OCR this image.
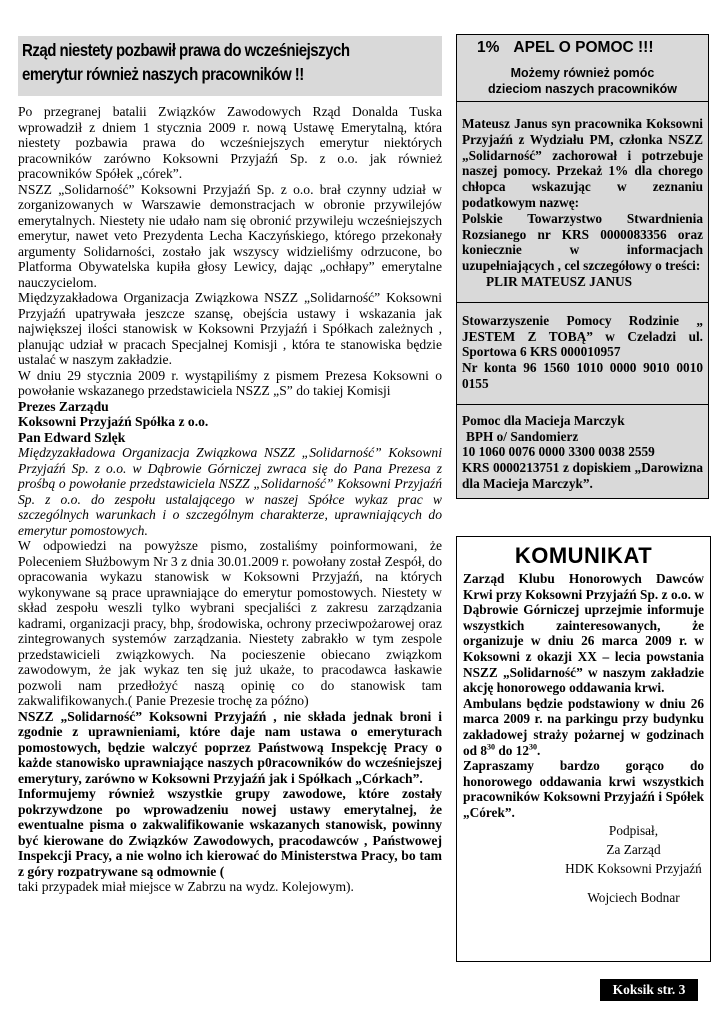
Rząd niestety pozbawił prawa do wcześniejszych
emerytur również naszych pracowników !!

Po przegranej batalii Związków Zawodowych Rząd Donalda Tuska wprowadził z dniem 1 stycznia 2009 r. nową Ustawę Emerytalną, która niestety pozbawia prawa do wcześniejszych emerytur niektórych pracowników zarówno Koksowni Przyjaźń Sp. z o.o. jak również pracowników Spółek „córek”.

NSZZ „Solidarność” Koksowni Przyjaźń Sp. z o.o. brał czynny udział w zorganizowanych w Warszawie demonstracjach w obronie przywilejów emerytalnych. Niestety nie udało nam się obronić przywileju wcześniejszych emerytur, nawet veto Prezydenta Lecha Kaczyńskiego, którego przekonały argumenty Solidarności, zostało jak wszyscy widzieliśmy odrzucone, bo Platforma Obywatelska kupiła głosy Lewicy, dając „ochłapy” emerytalne nauczycielom.

Międzyzakładowa Organizacja Związkowa NSZZ „Solidarność” Koksowni Przyjaźń upatrywała jeszcze szansę, obejścia ustawy i wskazania jak największej ilości stanowisk w Koksowni Przyjaźń i Spółkach zależnych , planując udział w pracach Specjalnej Komisji , która te stanowiska będzie ustalać w naszym zakładzie.

W dniu 29 stycznia 2009 r. wystąpiliśmy z pismem Prezesa Koksowni o powołanie wskazanego przedstawiciela NSZZ „S” do takiej Komisji

Prezes Zarządu

Koksowni Przyjaźń Spółka z o.o.

Pan Edward Szlęk

Międzyzakładowa Organizacja Związkowa NSZZ „Solidarność” Koksowni Przyjaźń Sp. z o.o. w Dąbrowie Górniczej zwraca się do Pana Prezesa z prośbą o powołanie przedstawiciela NSZZ „Solidarność” Koksowni Przyjaźń Sp. z o.o. do zespołu ustalającego w naszej Spółce wykaz prac w szczególnych warunkach i o szczególnym charakterze, uprawniających do emerytur pomostowych.

W odpowiedzi na powyższe pismo, zostaliśmy poinformowani, że Poleceniem Służbowym Nr 3 z dnia 30.01.2009 r. powołany został Zespół, do opracowania wykazu stanowisk w Koksowni Przyjaźń, na których wykonywane są prace uprawniające do emerytur pomostowych. Niestety w skład zespołu weszli tylko wybrani specjaliści z zakresu zarządzania kadrami, organizacji pracy, bhp, środowiska, ochrony przeciwpożarowej oraz zintegrowanych systemów zarządzania. Niestety zabrakło w tym zespole przedstawicieli związkowych. Na pocieszenie obiecano związkom zawodowym, że jak wykaz ten się już ukaże, to pracodawca łaskawie pozwoli nam przedłożyć naszą opinię co do stanowisk tam zakwalifikowanych.( Panie Prezesie trochę za późno)

NSZZ „Solidarność” Koksowni Przyjaźń , nie składa jednak broni i zgodnie z uprawnieniami, które daje nam ustawa o emeryturach pomostowych, będzie walczyć poprzez Państwową Inspekcję Pracy o każde stanowisko uprawniające naszych p0racowników do wcześniejszej emerytury, zarówno w Koksowni Przyjaźń jak i Spółkach „Córkach”.

Informujemy również wszystkie grupy zawodowe, które zostały pokrzywdzone po wprowadzeniu nowej ustawy emerytalnej, że ewentualne pisma o zakwalifikowanie wskazanych stanowisk, powinny być kierowane do Związków Zawodowych, pracodawców , Państwowej Inspekcji Pracy, a nie wolno ich kierować do Ministerstwa Pracy, bo tam z góry rozpatrywane są odmownie (

taki przypadek miał miejsce w Zabrzu na wydz. Kolejowym).

1% APEL O POMOC !!!
Możemy również pomóc
dzieciom naszych pracowników

Mateusz Janus syn pracownika Koksowni Przyjaźń z Wydziału PM, członka NSZZ „Solidarność” zachorował i potrzebuje naszej pomocy. Przekaż 1% dla chorego chłopca wskazując w zeznaniu podatkowym nazwę:

Polskie Towarzystwo Stwardnienia Rozsianego nr KRS 0000083356 oraz koniecznie w informacjach uzupełniających , cel szczegółowy o treści:

PLIR MATEUSZ JANUS

Stowarzyszenie Pomocy Rodzinie „ JESTEM Z TOBĄ” w Czeladzi ul. Sportowa 6 KRS 000010957

Nr konta 96 1560 1010 0000 9010 0010 0155

Pomoc dla Macieja Marczyk

BPH o/ Sandomierz

10 1060 0076 0000 3300 0038 2559

KRS 0000213751 z dopiskiem „Darowizna dla Macieja Marczyk”.

KOMUNIKAT

Zarząd Klubu Honorowych Dawców Krwi przy Koksowni Przyjaźń Sp. z o.o. w Dąbrowie Górniczej uprzejmie informuje wszystkich zainteresowanych, że organizuje w dniu 26 marca 2009 r. w Koksowni z okazji XX – lecia powstania NSZZ „Solidarność” w naszym zakładzie akcję honorowego oddawania krwi.

Ambulans będzie podstawiony w dniu 26 marca 2009 r. na parkingu przy budynku zakładowej straży pożarnej w godzinach od $8^{30}$ do $12^{30}$.

Zapraszamy bardzo gorąco do honorowego oddawania krwi wszystkich pracowników Koksowni Przyjaźń i Spółek „Córek”.

Podpisał,

Za Zarząd

HDK Koksowni Przyjaźń

Wojciech Bodnar

Koksik str. 3
